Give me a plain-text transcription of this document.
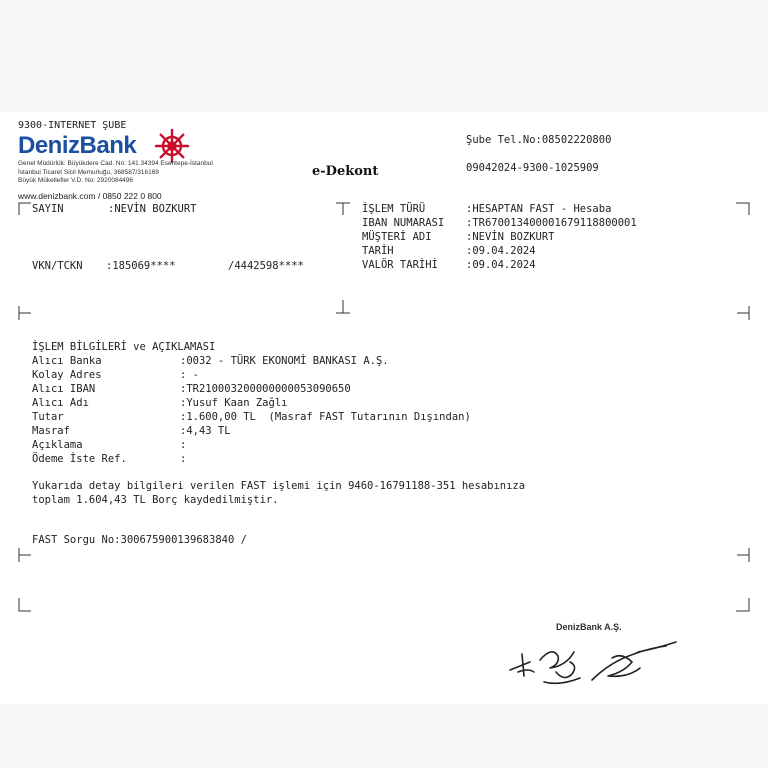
9300-INTERNET ŞUBE
DenizBank
Genel Müdürlük: Büyükdere Cad. No: 141 34394 Esentepe-İstanbul
İstanbul Ticaret Sicil Memurluğu, 368587/316169
Büyük Mükellefler V.D. No: 2920084496
www.denizbank.com / 0850 222 0 800
e-Dekont
Şube Tel.No:08502220800
09042024-9300-1025909
SAYIN	:NEVİN BOZKURT
VKN/TCKN :185069****	/4442598****
İŞLEM TÜRÜ	:HESAPTAN FAST - Hesaba
IBAN NUMARASI :TR670013400001679118800001
MÜŞTERİ ADI	:NEVİN BOZKURT
TARİH	:09.04.2024
VALÖR TARİHİ	:09.04.2024
İŞLEM BİLGİLERİ ve AÇIKLAMASI
Alıcı Banka	:0032 - TÜRK EKONOMİ BANKASI A.Ş.
Kolay Adres	: -
Alıcı IBAN	:TR210003200000000053090650
Alıcı Adı	:Yusuf Kaan Zağlı
Tutar	:1.600,00 TL  (Masraf FAST Tutarının Dışından)
Masraf	:4,43 TL
Açıklama	:
Ödeme İste Ref.	:
Yukarıda detay bilgileri verilen FAST işlemi için 9460-16791188-351 hesabınıza
toplam 1.604,43 TL Borç kaydedilmiştir.
FAST Sorgu No:300675900139683840 /
DenizBank A.Ş.
